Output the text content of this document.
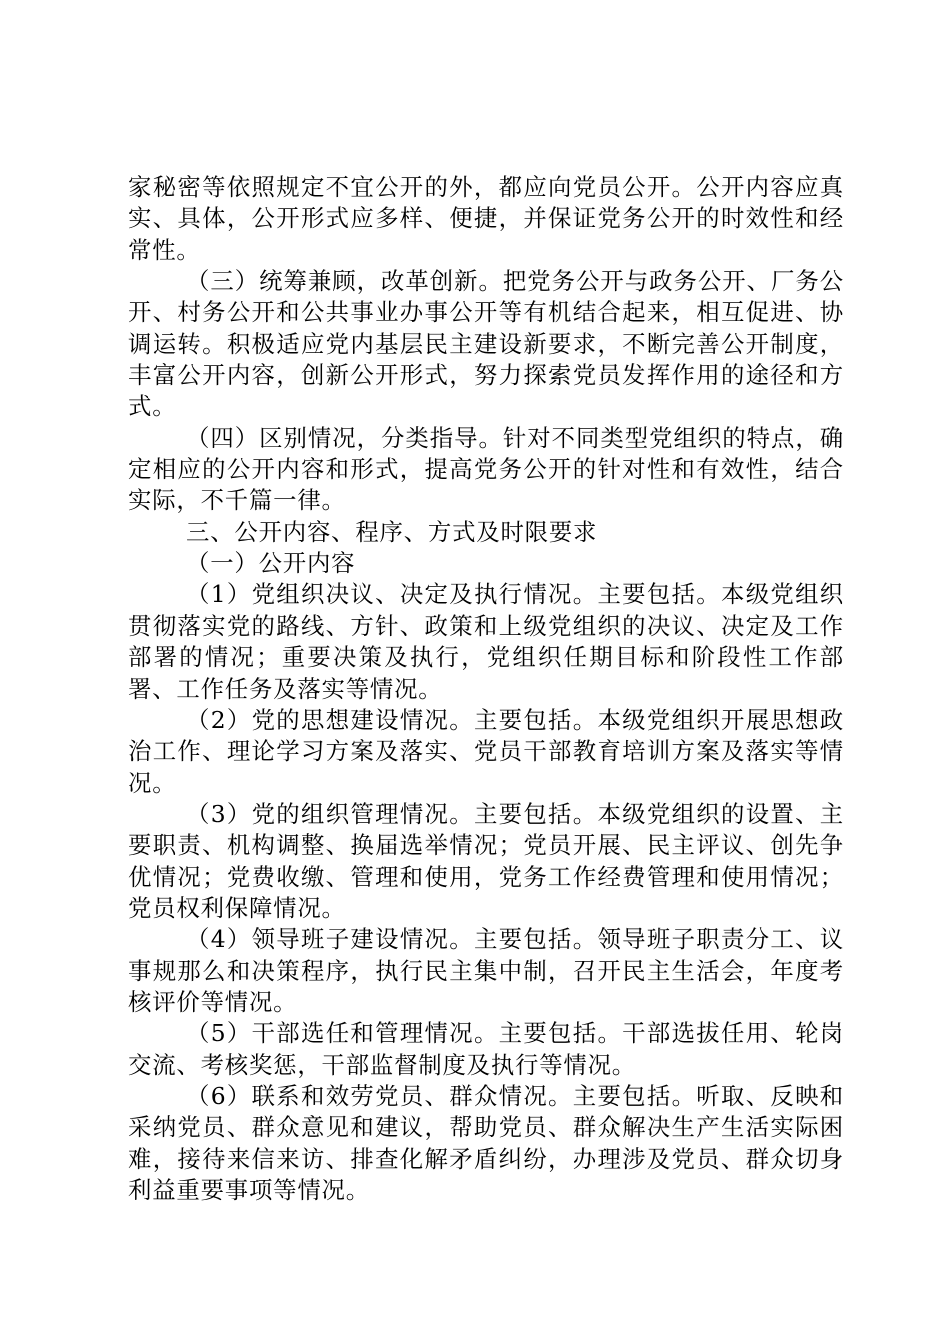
家秘密等依照规定不宜公开的外，都应向党员公开。公开内容应真实、具体，公开形式应多样、便捷，并保证党务公开的时效性和经常性。

（三）统筹兼顾，改革创新。把党务公开与政务公开、厂务公开、村务公开和公共事业办事公开等有机结合起来，相互促进、协调运转。积极适应党内基层民主建设新要求，不断完善公开制度，丰富公开内容，创新公开形式，努力探索党员发挥作用的途径和方式。

（四）区别情况，分类指导。针对不同类型党组织的特点，确定相应的公开内容和形式，提高党务公开的针对性和有效性，结合实际，不千篇一律。

三、公开内容、程序、方式及时限要求

（一）公开内容

（1）党组织决议、决定及执行情况。主要包括。本级党组织贯彻落实党的路线、方针、政策和上级党组织的决议、决定及工作部署的情况；重要决策及执行，党组织任期目标和阶段性工作部署、工作任务及落实等情况。

（2）党的思想建设情况。主要包括。本级党组织开展思想政治工作、理论学习方案及落实、党员干部教育培训方案及落实等情况。

（3）党的组织管理情况。主要包括。本级党组织的设置、主要职责、机构调整、换届选举情况；党员开展、民主评议、创先争优情况；党费收缴、管理和使用，党务工作经费管理和使用情况；党员权利保障情况。

（4）领导班子建设情况。主要包括。领导班子职责分工、议事规那么和决策程序，执行民主集中制，召开民主生活会，年度考核评价等情况。

（5）干部选任和管理情况。主要包括。干部选拔任用、轮岗交流、考核奖惩，干部监督制度及执行等情况。

（6）联系和效劳党员、群众情况。主要包括。听取、反映和采纳党员、群众意见和建议，帮助党员、群众解决生产生活实际困难，接待来信来访、排查化解矛盾纠纷，办理涉及党员、群众切身利益重要事项等情况。
